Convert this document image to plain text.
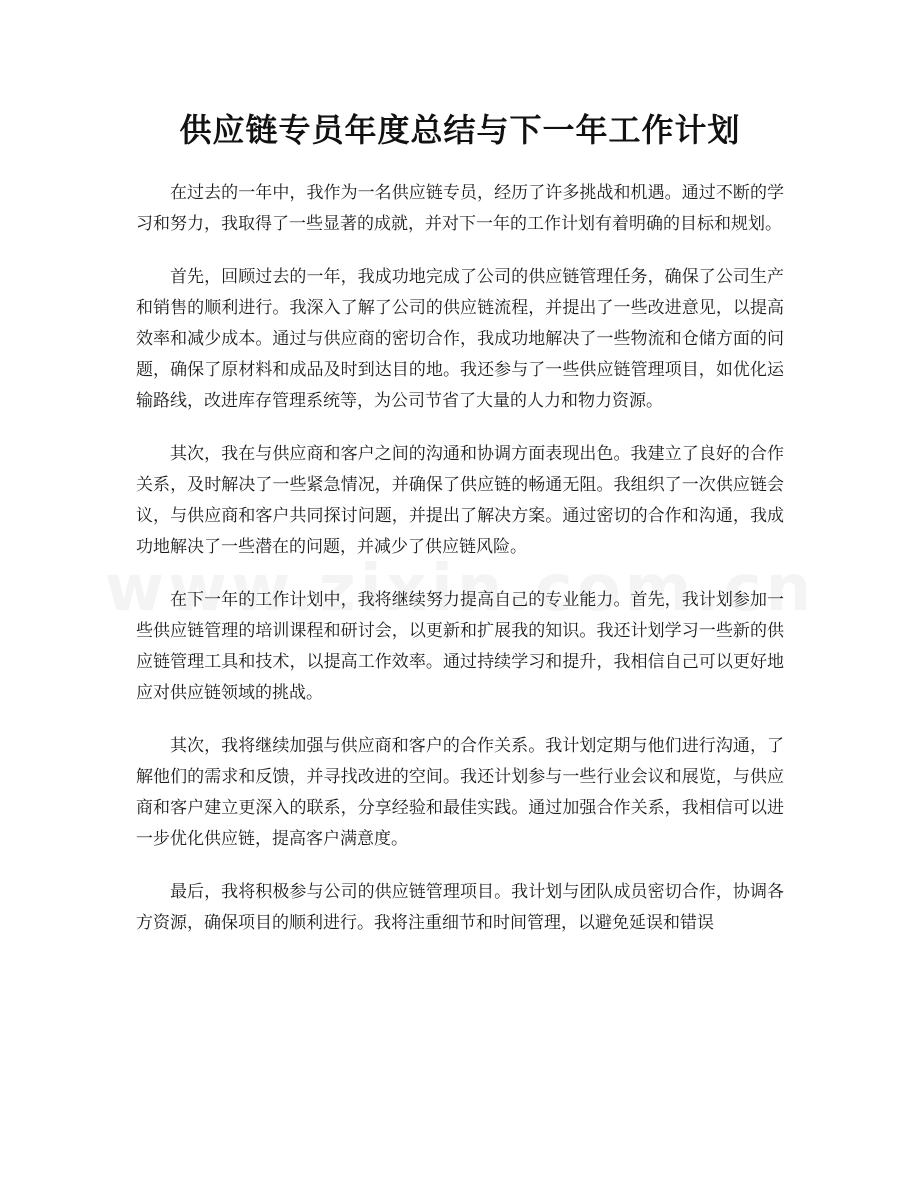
供应链专员年度总结与下一年工作计划

在过去的一年中，我作为一名供应链专员，经历了许多挑战和机遇。通过不断的学习和努力，我取得了一些显著的成就，并对下一年的工作计划有着明确的目标和规划。

首先，回顾过去的一年，我成功地完成了公司的供应链管理任务，确保了公司生产和销售的顺利进行。我深入了解了公司的供应链流程，并提出了一些改进意见，以提高效率和减少成本。通过与供应商的密切合作，我成功地解决了一些物流和仓储方面的问题，确保了原材料和成品及时到达目的地。我还参与了一些供应链管理项目，如优化运输路线，改进库存管理系统等，为公司节省了大量的人力和物力资源。

其次，我在与供应商和客户之间的沟通和协调方面表现出色。我建立了良好的合作关系，及时解决了一些紧急情况，并确保了供应链的畅通无阻。我组织了一次供应链会议，与供应商和客户共同探讨问题，并提出了解决方案。通过密切的合作和沟通，我成功地解决了一些潜在的问题，并减少了供应链风险。

在下一年的工作计划中，我将继续努力提高自己的专业能力。首先，我计划参加一些供应链管理的培训课程和研讨会，以更新和扩展我的知识。我还计划学习一些新的供应链管理工具和技术，以提高工作效率。通过持续学习和提升，我相信自己可以更好地应对供应链领域的挑战。

其次，我将继续加强与供应商和客户的合作关系。我计划定期与他们进行沟通，了解他们的需求和反馈，并寻找改进的空间。我还计划参与一些行业会议和展览，与供应商和客户建立更深入的联系，分享经验和最佳实践。通过加强合作关系，我相信可以进一步优化供应链，提高客户满意度。

最后，我将积极参与公司的供应链管理项目。我计划与团队成员密切合作，协调各方资源，确保项目的顺利进行。我将注重细节和时间管理，以避免延误和错误
